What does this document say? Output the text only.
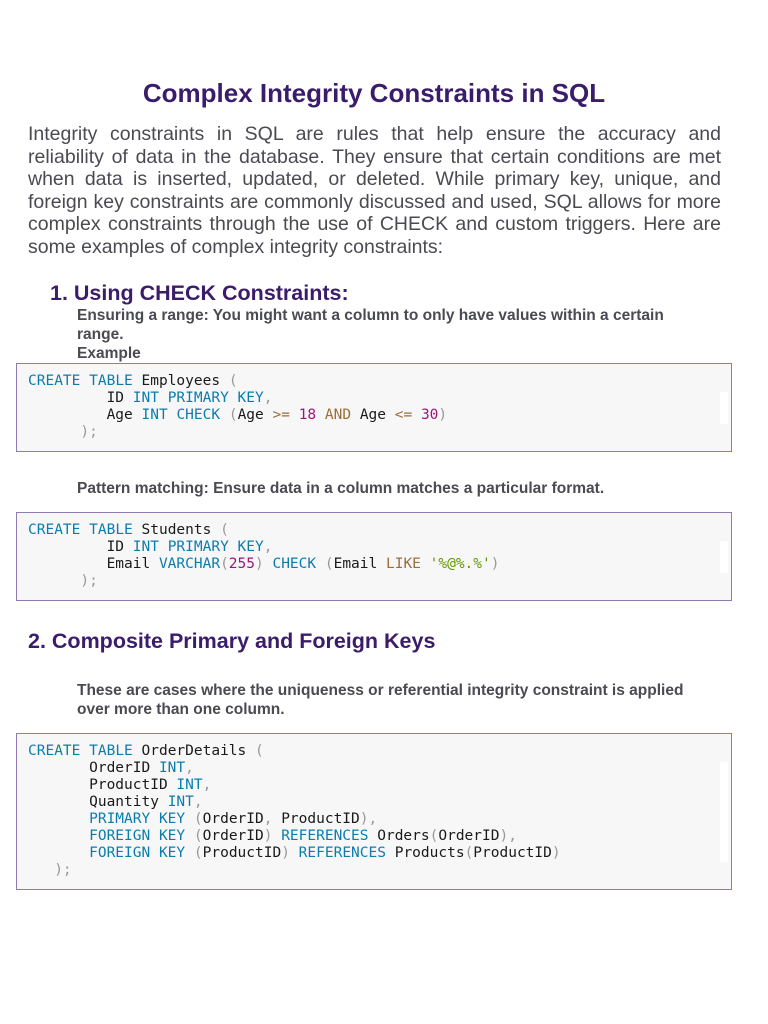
Complex Integrity Constraints in SQL

Integrity constraints in SQL are rules that help ensure the accuracy and reliability of data in the database. They ensure that certain conditions are met when data is inserted, updated, or deleted. While primary key, unique, and foreign key constraints are commonly discussed and used, SQL allows for more complex constraints through the use of CHECK and custom triggers. Here are some examples of complex integrity constraints:

1. Using CHECK Constraints:

Ensuring a range: You might want a column to only have values within a certain range.

Example

CREATE TABLE Employees (
ID INT PRIMARY KEY,
Age INT CHECK (Age >= 18 AND Age <= 30)
);

Pattern matching: Ensure data in a column matches a particular format.

CREATE TABLE Students (
ID INT PRIMARY KEY,
Email VARCHAR(255) CHECK (Email LIKE '%@%.%')
);
2. Composite Primary and Foreign Keys

These are cases where the uniqueness or referential integrity constraint is applied over more than one column.

CREATE TABLE OrderDetails (
OrderID INT,
ProductID INT,
Quantity INT,
PRIMARY KEY (OrderID, ProductID),
FOREIGN KEY (OrderID) REFERENCES Orders(OrderID),
FOREIGN KEY (ProductID) REFERENCES Products(ProductID)
);
